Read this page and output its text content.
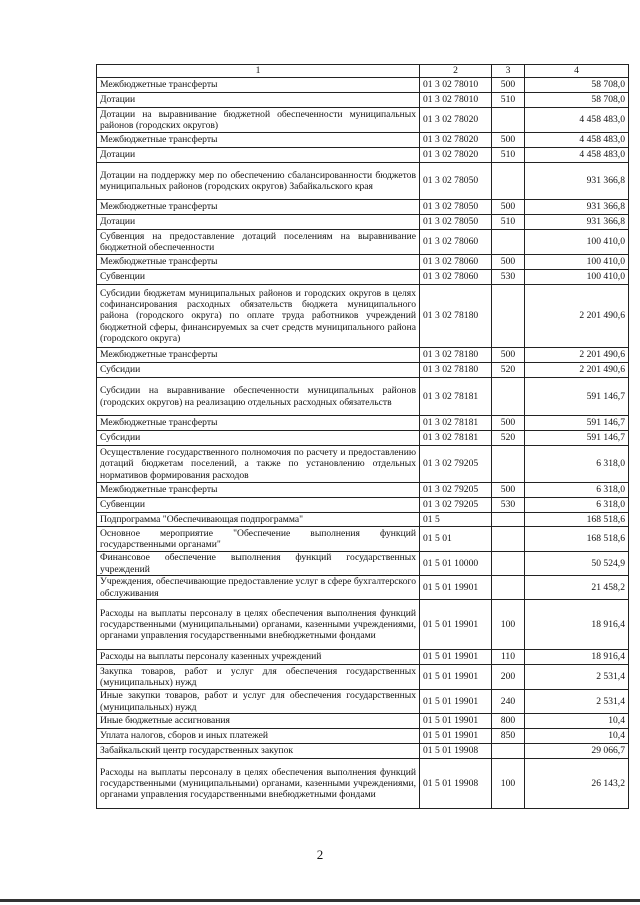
1	2	3	4
Межбюджетные трансферты	01 3 02 78010	500	58 708,0
Дотации	01 3 02 78010	510	58 708,0
Дотации на выравнивание бюджетной обеспеченности муниципальных районов (городских округов)	01 3 02 78020		4 458 483,0
Межбюджетные трансферты	01 3 02 78020	500	4 458 483,0
Дотации	01 3 02 78020	510	4 458 483,0
Дотации на поддержку мер по обеспечению сбалансированности бюджетов муниципальных районов (городских округов) Забайкальского края	01 3 02 78050		931 366,8
Межбюджетные трансферты	01 3 02 78050	500	931 366,8
Дотации	01 3 02 78050	510	931 366,8
Субвенция на предоставление дотаций поселениям на выравнивание бюджетной обеспеченности	01 3 02 78060		100 410,0
Межбюджетные трансферты	01 3 02 78060	500	100 410,0
Субвенции	01 3 02 78060	530	100 410,0
Субсидии бюджетам муниципальных районов и городских округов в целях софинансирования расходных обязательств бюджета муниципального района (городского округа) по оплате труда работников учреждений бюджетной сферы, финансируемых за счет средств муниципального района (городского округа)	01 3 02 78180		2 201 490,6
Межбюджетные трансферты	01 3 02 78180	500	2 201 490,6
Субсидии	01 3 02 78180	520	2 201 490,6
Субсидии на выравнивание обеспеченности муниципальных районов (городских округов) на реализацию отдельных расходных обязательств	01 3 02 78181		591 146,7
Межбюджетные трансферты	01 3 02 78181	500	591 146,7
Субсидии	01 3 02 78181	520	591 146,7
Осуществление государственного полномочия по расчету и предоставлению дотаций бюджетам поселений, а также по установлению отдельных нормативов формирования расходов	01 3 02 79205		6 318,0
Межбюджетные трансферты	01 3 02 79205	500	6 318,0
Субвенции	01 3 02 79205	530	6 318,0
Подпрограмма "Обеспечивающая подпрограмма"	01 5		168 518,6
Основное мероприятие "Обеспечение выполнения функций государственными органами"	01 5 01		168 518,6
Финансовое обеспечение выполнения функций государственных учреждений	01 5 01 10000		50 524,9
Учреждения, обеспечивающие предоставление услуг в сфере бухгалтерского обслуживания	01 5 01 19901		21 458,2
Расходы на выплаты персоналу в целях обеспечения выполнения функций государственными (муниципальными) органами, казенными учреждениями, органами управления государственными внебюджетными фондами	01 5 01 19901	100	18 916,4
Расходы на выплаты персоналу казенных учреждений	01 5 01 19901	110	18 916,4
Закупка товаров, работ и услуг для обеспечения государственных (муниципальных) нужд	01 5 01 19901	200	2 531,4
Иные закупки товаров, работ и услуг для обеспечения государственных (муниципальных) нужд	01 5 01 19901	240	2 531,4
Иные бюджетные ассигнования	01 5 01 19901	800	10,4
Уплата налогов, сборов и иных платежей	01 5 01 19901	850	10,4
Забайкальский центр государственных закупок	01 5 01 19908		29 066,7
Расходы на выплаты персоналу в целях обеспечения выполнения функций государственными (муниципальными) органами, казенными учреждениями, органами управления государственными внебюджетными фондами	01 5 01 19908	100	26 143,2
2
